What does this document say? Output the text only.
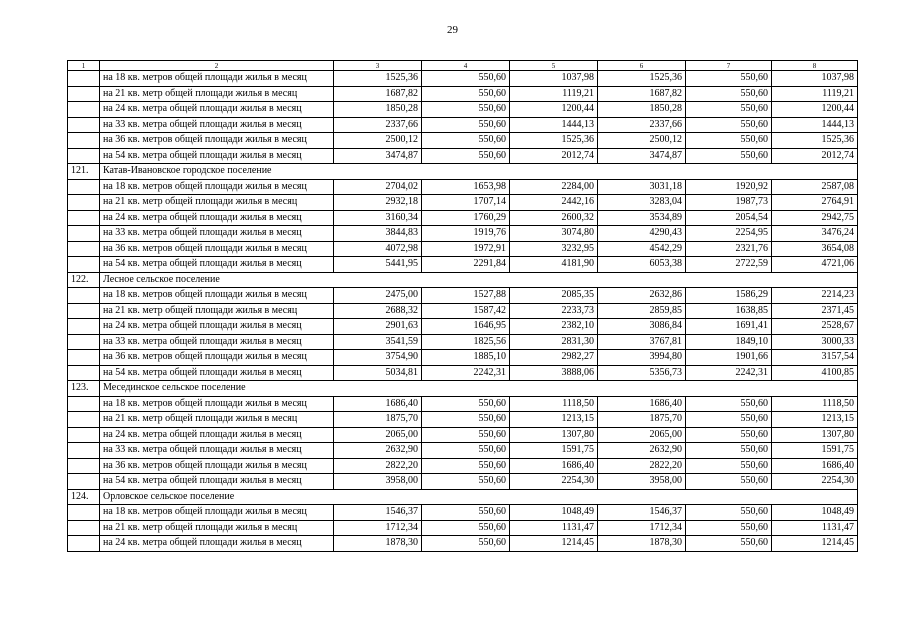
29
1	2	3	4	5	6	7	8
	на 18 кв. метров общей площади жилья в месяц	1525,36	550,60	1037,98	1525,36	550,60	1037,98
	на 21 кв. метр общей площади жилья в месяц	1687,82	550,60	1119,21	1687,82	550,60	1119,21
	на 24 кв. метра общей площади жилья в месяц	1850,28	550,60	1200,44	1850,28	550,60	1200,44
	на 33 кв. метра общей площади жилья в месяц	2337,66	550,60	1444,13	2337,66	550,60	1444,13
	на 36 кв. метров общей площади жилья в месяц	2500,12	550,60	1525,36	2500,12	550,60	1525,36
	на 54 кв. метра общей площади жилья в месяц	3474,87	550,60	2012,74	3474,87	550,60	2012,74
121.	Катав-Ивановское городское поселение						
	на 18 кв. метров общей площади жилья в месяц	2704,02	1653,98	2284,00	3031,18	1920,92	2587,08
	на 21 кв. метр общей площади жилья в месяц	2932,18	1707,14	2442,16	3283,04	1987,73	2764,91
	на 24 кв. метра общей площади жилья в месяц	3160,34	1760,29	2600,32	3534,89	2054,54	2942,75
	на 33 кв. метра общей площади жилья в месяц	3844,83	1919,76	3074,80	4290,43	2254,95	3476,24
	на 36 кв. метров общей площади жилья в месяц	4072,98	1972,91	3232,95	4542,29	2321,76	3654,08
	на 54 кв. метра общей площади жилья в месяц	5441,95	2291,84	4181,90	6053,38	2722,59	4721,06
122.	Лесное сельское поселение						
	на 18 кв. метров общей площади жилья в месяц	2475,00	1527,88	2085,35	2632,86	1586,29	2214,23
	на 21 кв. метр общей площади жилья в месяц	2688,32	1587,42	2233,73	2859,85	1638,85	2371,45
	на 24 кв. метра общей площади жилья в месяц	2901,63	1646,95	2382,10	3086,84	1691,41	2528,67
	на 33 кв. метра общей площади жилья в месяц	3541,59	1825,56	2831,30	3767,81	1849,10	3000,33
	на 36 кв. метров общей площади жилья в месяц	3754,90	1885,10	2982,27	3994,80	1901,66	3157,54
	на 54 кв. метра общей площади жилья в месяц	5034,81	2242,31	3888,06	5356,73	2242,31	4100,85
123.	Месединское сельское поселение						
	на 18 кв. метров общей площади жилья в месяц	1686,40	550,60	1118,50	1686,40	550,60	1118,50
	на 21 кв. метр общей площади жилья в месяц	1875,70	550,60	1213,15	1875,70	550,60	1213,15
	на 24 кв. метра общей площади жилья в месяц	2065,00	550,60	1307,80	2065,00	550,60	1307,80
	на 33 кв. метра общей площади жилья в месяц	2632,90	550,60	1591,75	2632,90	550,60	1591,75
	на 36 кв. метров общей площади жилья в месяц	2822,20	550,60	1686,40	2822,20	550,60	1686,40
	на 54 кв. метра общей площади жилья в месяц	3958,00	550,60	2254,30	3958,00	550,60	2254,30
124.	Орловское сельское поселение						
	на 18 кв. метров общей площади жилья в месяц	1546,37	550,60	1048,49	1546,37	550,60	1048,49
	на 21 кв. метр общей площади жилья в месяц	1712,34	550,60	1131,47	1712,34	550,60	1131,47
	на 24 кв. метра общей площади жилья в месяц	1878,30	550,60	1214,45	1878,30	550,60	1214,45
